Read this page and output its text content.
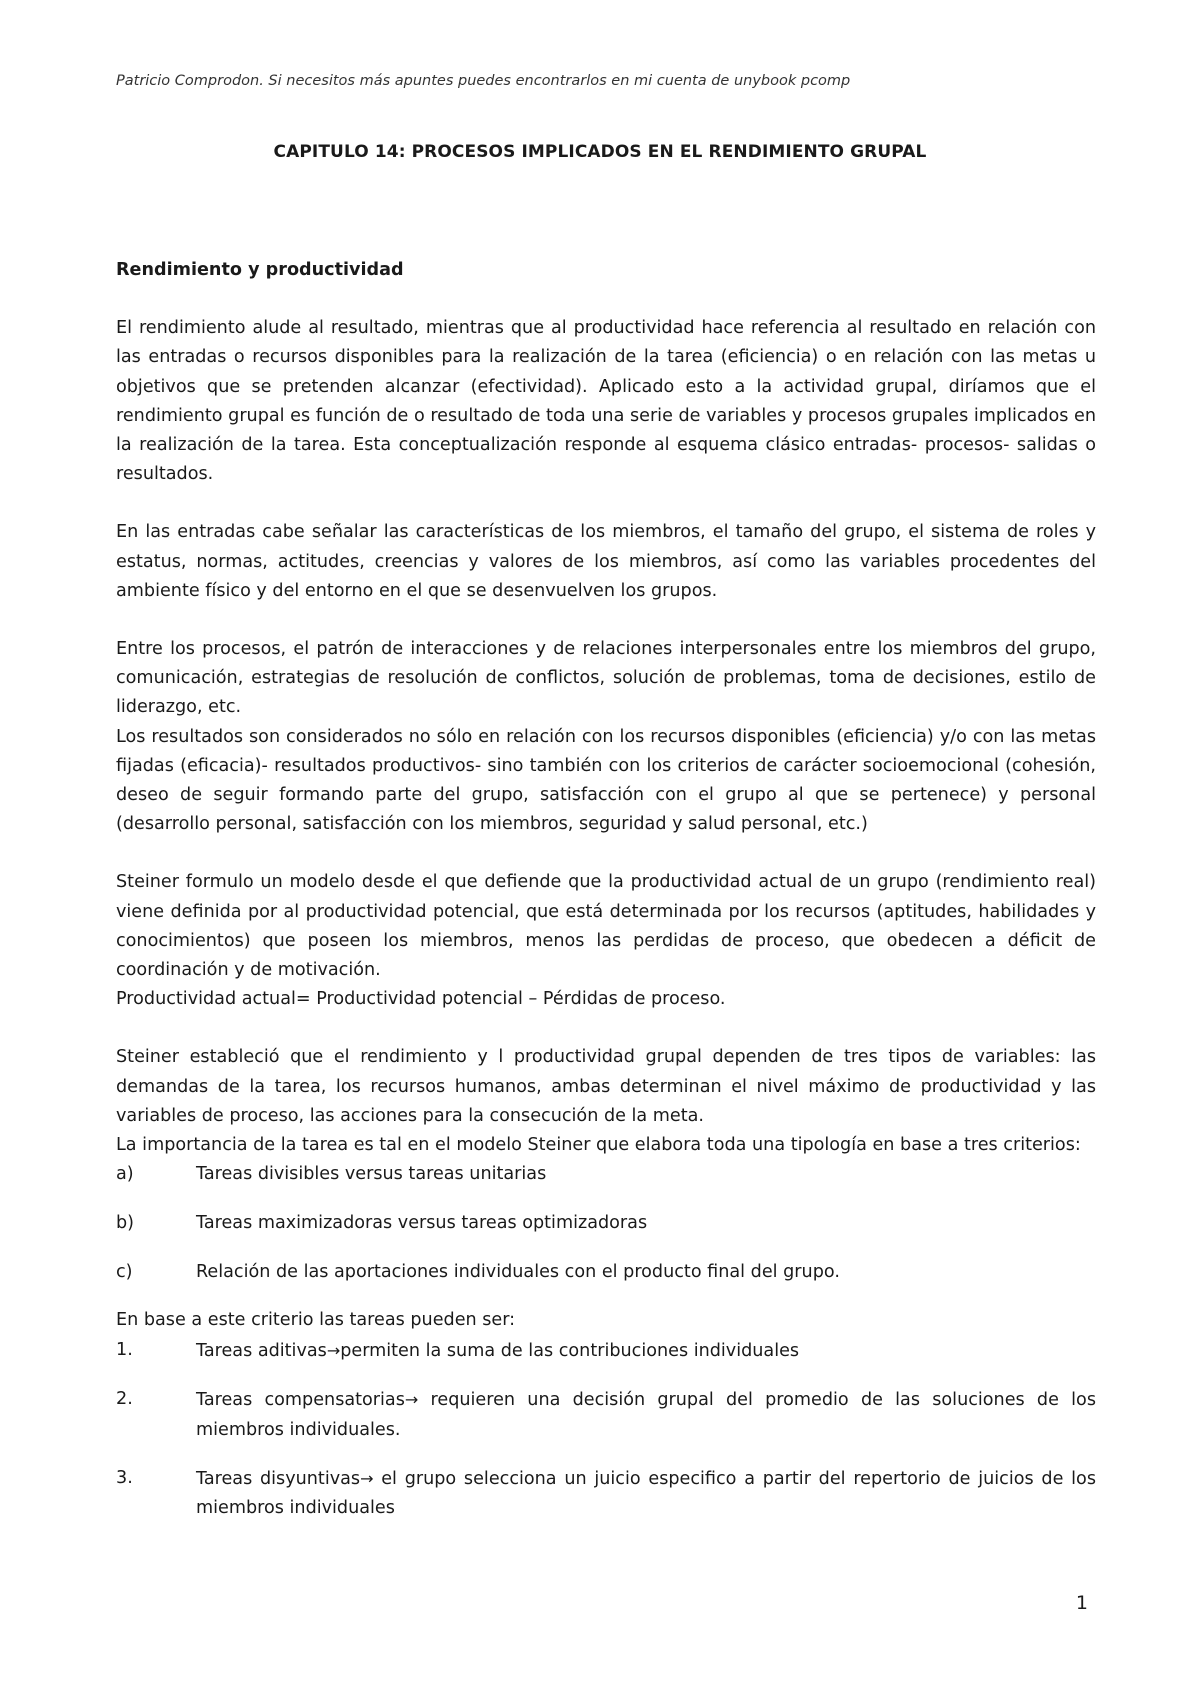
Patricio Comprodon. Si necesitos más apuntes puedes encontrarlos en mi cuenta de unybook pcomp
CAPITULO 14: PROCESOS IMPLICADOS EN EL RENDIMIENTO GRUPAL

Rendimiento y productividad

El rendimiento alude al resultado, mientras que al productividad hace referencia al resultado en relación con las entradas o recursos disponibles para la realización de la tarea (eficiencia) o en relación con las metas u objetivos que se pretenden alcanzar (efectividad). Aplicado esto a la actividad grupal, diríamos que el rendimiento grupal es función de o resultado de toda una serie de variables y procesos grupales implicados en la realización de la tarea. Esta conceptualización responde al esquema clásico entradas- procesos- salidas o resultados.

En las entradas cabe señalar las características de los miembros, el tamaño del grupo, el sistema de roles y estatus, normas, actitudes, creencias y valores de los miembros, así como las variables procedentes del ambiente físico y del entorno en el que se desenvuelven los grupos.

Entre los procesos, el patrón de interacciones y de relaciones interpersonales entre los miembros del grupo, comunicación, estrategias de resolución de conflictos, solución de problemas, toma de decisiones, estilo de liderazgo, etc.

Los resultados son considerados no sólo en relación con los recursos disponibles (eficiencia) y/o con las metas fijadas (eficacia)- resultados productivos- sino también con los criterios de carácter socioemocional (cohesión, deseo de seguir formando parte del grupo, satisfacción con el grupo al que se pertenece) y personal (desarrollo personal, satisfacción con los miembros, seguridad y salud personal, etc.)

Steiner formulo un modelo desde el que defiende que la productividad actual de un grupo (rendimiento real) viene definida por al productividad potencial, que está determinada por los recursos (aptitudes, habilidades y conocimientos) que poseen los miembros, menos las perdidas de proceso, que obedecen a déficit de coordinación y de motivación.

Productividad actual= Productividad potencial – Pérdidas de proceso.

Steiner estableció que el rendimiento y l productividad grupal dependen de tres tipos de variables: las demandas de la tarea, los recursos humanos, ambas determinan el nivel máximo de productividad y las variables de proceso, las acciones para la consecución de la meta.

La importancia de la tarea es tal en el modelo Steiner que elabora toda una tipología en base a tres criterios:

a)	Tareas divisibles versus tareas unitarias
b)	Tareas maximizadoras versus tareas optimizadoras
c)	Relación de las aportaciones individuales con el producto final del grupo.

En base a este criterio las tareas pueden ser:

1.	Tareas aditivas→permiten la suma de las contribuciones individuales
2.	Tareas compensatorias→ requieren una decisión grupal del promedio de las soluciones de los miembros individuales.
3.	Tareas disyuntivas→ el grupo selecciona un juicio especifico a partir del repertorio de juicios de los miembros individuales
1
